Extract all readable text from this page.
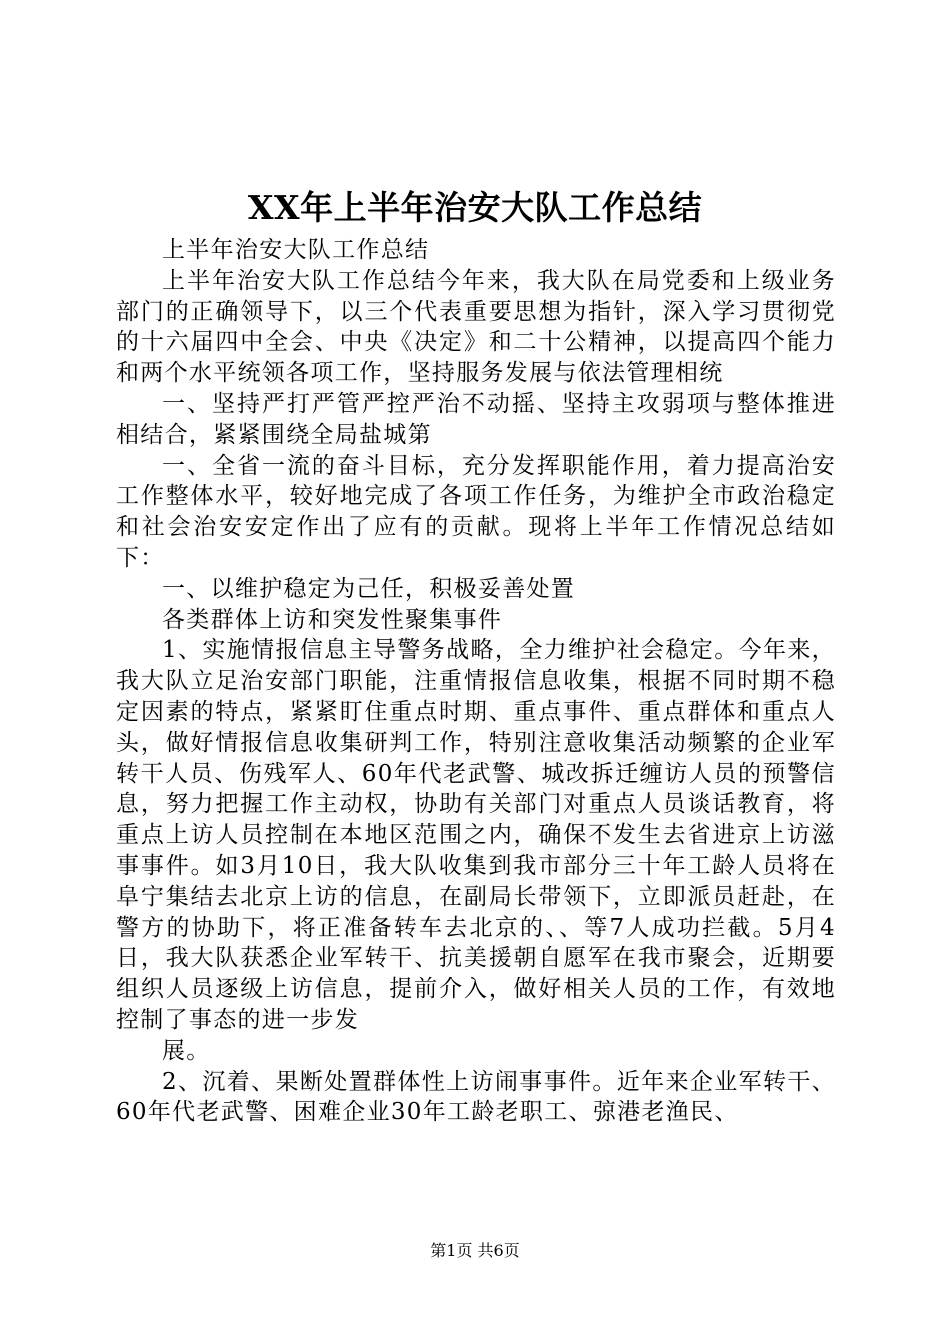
XX年上半年治安大队工作总结

上半年治安大队工作总结

上半年治安大队工作总结今年来，我大队在局党委和上级业务部门的正确领导下，以三个代表重要思想为指针，深入学习贯彻党的十六届四中全会、中央《决定》和二十公精神，以提高四个能力和两个水平统领各项工作，坚持服务发展与依法管理相统

一、坚持严打严管严控严治不动摇、坚持主攻弱项与整体推进相结合，紧紧围绕全局盐城第

一、全省一流的奋斗目标，充分发挥职能作用，着力提高治安工作整体水平，较好地完成了各项工作任务，为维护全市政治稳定和社会治安安定作出了应有的贡献。现将上半年工作情况总结如下：

一、以维护稳定为己任，积极妥善处置

各类群体上访和突发性聚集事件

1、实施情报信息主导警务战略，全力维护社会稳定。今年来，我大队立足治安部门职能，注重情报信息收集，根据不同时期不稳定因素的特点，紧紧盯住重点时期、重点事件、重点群体和重点人头，做好情报信息收集研判工作，特别注意收集活动频繁的企业军转干人员、伤残军人、60年代老武警、城改拆迁缠访人员的预警信息，努力把握工作主动权，协助有关部门对重点人员谈话教育，将重点上访人员控制在本地区范围之内，确保不发生去省进京上访滋事事件。如3月10日，我大队收集到我市部分三十年工龄人员将在阜宁集结去北京上访的信息，在副局长带领下，立即派员赶赴，在警方的协助下，将正准备转车去北京的、、等7人成功拦截。5月4日，我大队获悉企业军转干、抗美援朝自愿军在我市聚会，近期要组织人员逐级上访信息，提前介入，做好相关人员的工作，有效地控制了事态的进一步发

展。

2、沉着、果断处置群体性上访闹事事件。近年来企业军转干、60年代老武警、困难企业30年工龄老职工、弶港老渔民、

第1页 共6页
